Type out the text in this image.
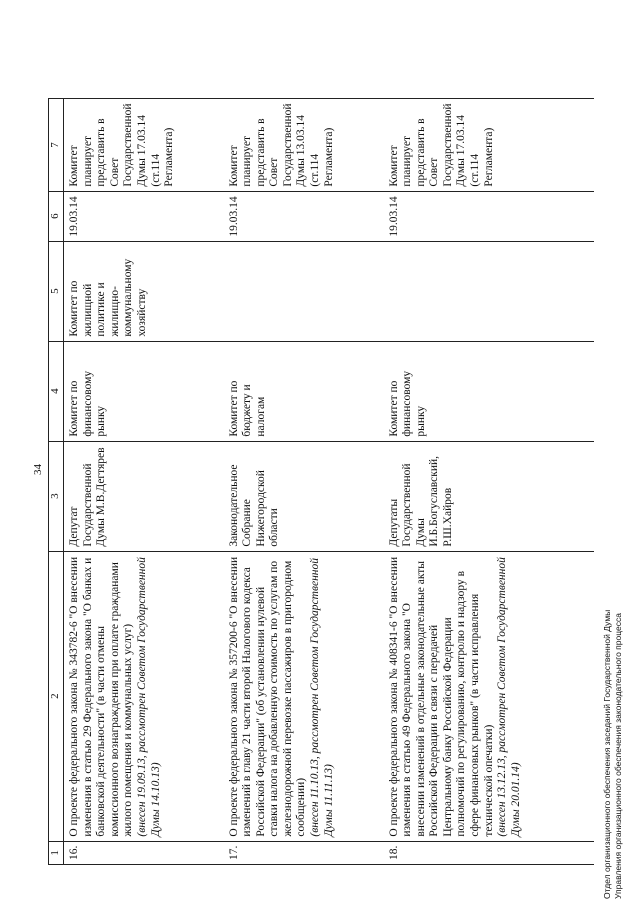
34
1	2	3	4	5	6	7
16.	О проекте федерального закона № 343782-6 "О внесении изменения в статью 29 Федерального закона "О банках и банковской деятельности" (в части отмены комиссионного вознаграждения при оплате гражданами жилого помещения и коммунальных услуг) (внесен 19.09.13, рассмотрен Советом Государственной Думы 14.10.13)	Депутат Государственной Думы М.В.Дегтярев	Комитет по финансовому рынку	Комитет по жилищной политике и жилищно-коммунальному хозяйству	19.03.14	Комитет планирует представить в Совет Государственной Думы 17.03.14 (ст.114 Регламента)
17.	О проекте федерального закона № 357200-6 "О внесении изменений в главу 21 части второй Налогового кодекса Российской Федерации" (об установлении нулевой ставки налога на добавленную стоимость по услугам по железнодорожной перевозке пассажиров в пригородном сообщении) (внесен 11.10.13, рассмотрен Советом Государственной Думы 11.11.13)	Законодательное Собрание Нижегородской области	Комитет по бюджету и налогам		19.03.14	Комитет планирует представить в Совет Государственной Думы 13.03.14 (ст.114 Регламента)
18.	О проекте федерального закона № 408341-6 "О внесении изменения в статью 49 Федерального закона "О внесении изменений в отдельные законодательные акты Российской Федерации в связи с передачей Центральному банку Российской Федерации полномочий по регулированию, контролю и надзору в сфере финансовых рынков" (в части исправления технической опечатки) (внесен 13.12.13, рассмотрен Советом Государственной Думы 20.01.14)	Депутаты Государственной Думы И.Б.Богуславский, Р.Ш.Хайров	Комитет по финансовому рынку		19.03.14	Комитет планирует представить в Совет Государственной Думы 17.03.14 (ст.114 Регламента)
Отдел организационного обеспечения заседаний Государственной Думы Управления организационного обеспечения законодательного процесса
